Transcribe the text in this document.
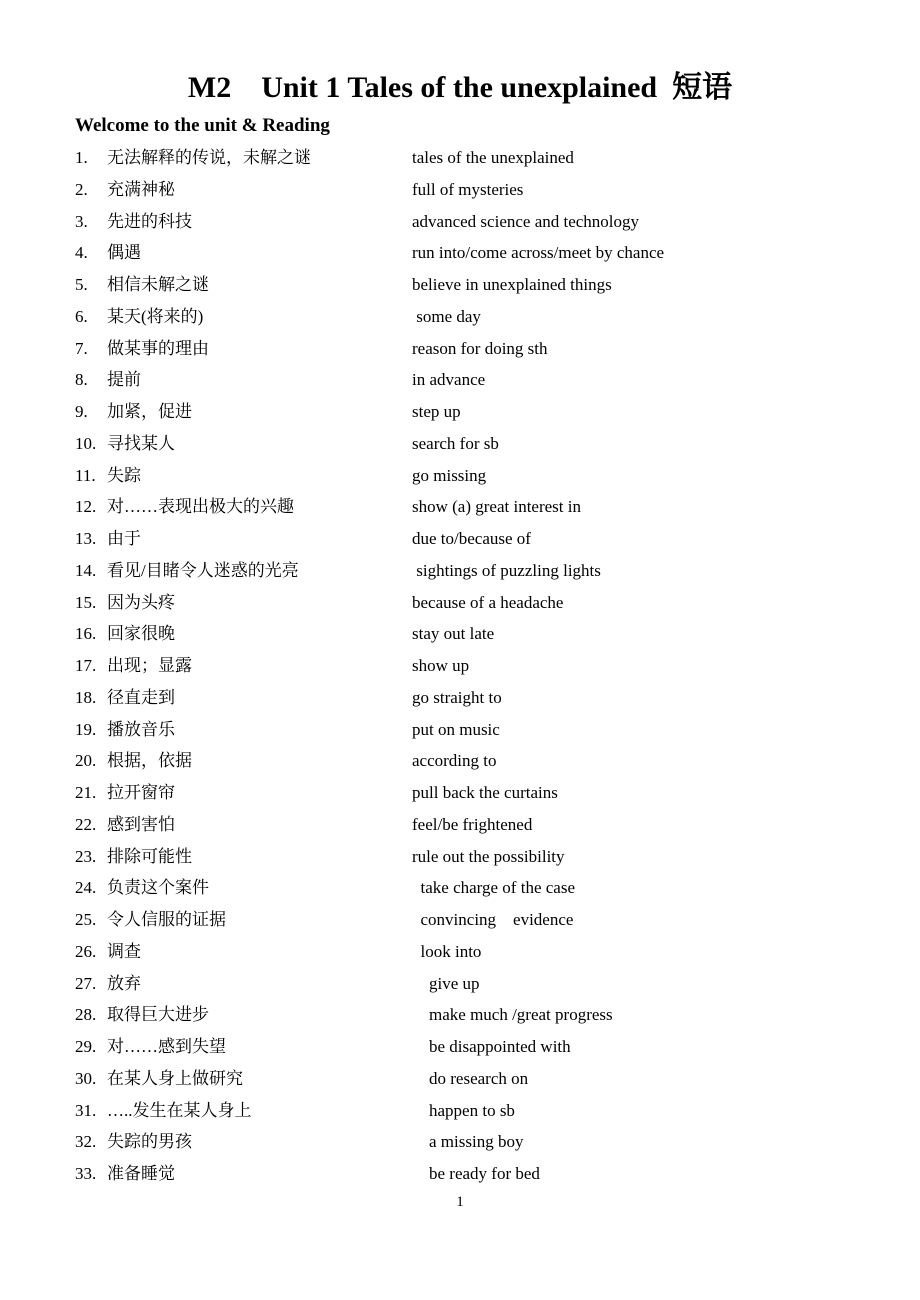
M2    Unit 1 Tales of the unexplained  短语
Welcome to the unit & Reading
1.	无法解释的传说，未解之谜	tales of the unexplained
2.	充满神秘	full of mysteries
3.	先进的科技	advanced science and technology
4.	偶遇	run into/come across/meet by chance
5.	相信未解之谜	believe in unexplained things
6.	某天(将来的)	some day
7.	做某事的理由	reason for doing sth
8.	提前	in advance
9.	加紧，促进	step up
10. 寻找某人	search for sb
11. 失踪	go missing
12. 对……表现出极大的兴趣	show (a) great interest in
13. 由于	due to/because of
14. 看见/目睹令人迷惑的光亮	sightings of puzzling lights
15. 因为头疼	because of a headache
16. 回家很晚	stay out late
17. 出现；显露	show up
18. 径直走到	go straight to
19. 播放音乐	put on music
20. 根据，依据	according to
21. 拉开窗帘	pull back the curtains
22. 感到害怕	feel/be frightened
23. 排除可能性	rule out the possibility
24. 负责这个案件	take charge of the case
25. 令人信服的证据	convincing    evidence
26. 调查	look into
27. 放弃	give up
28. 取得巨大进步	make much /great progress
29. 对……感到失望	be disappointed with
30. 在某人身上做研究	do research on
31. …..发生在某人身上	happen to sb
32. 失踪的男孩	a missing boy
33. 准备睡觉	be ready for bed
1
